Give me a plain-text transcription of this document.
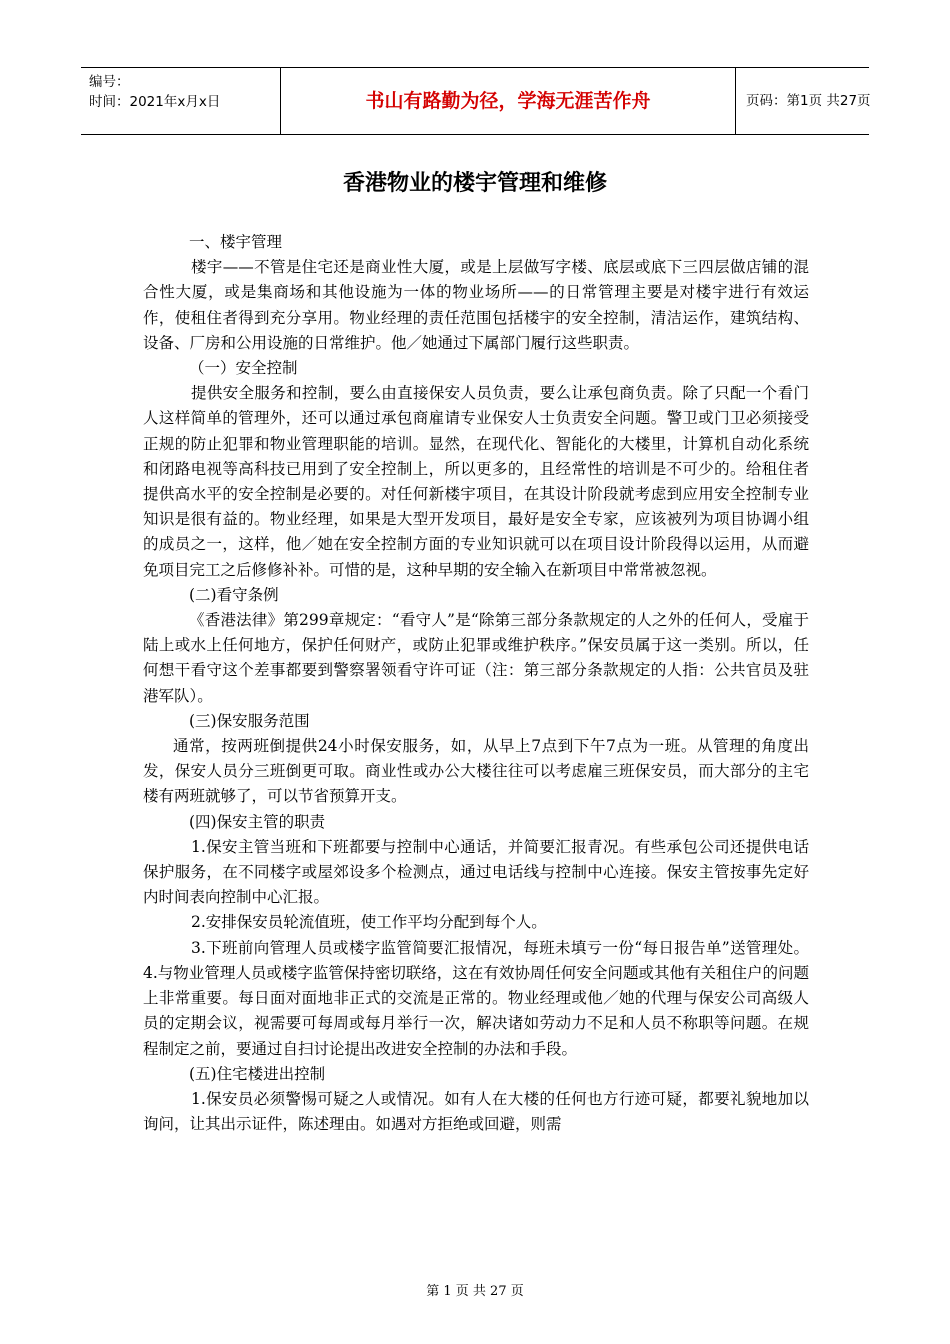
编号：
时间：2021年x月x日	书山有路勤为径，学海无涯苦作舟	页码：第1页 共27页
香港物业的楼宇管理和维修

一、楼宇管理

楼宇——不管是住宅还是商业性大厦，或是上层做写字楼、底层或底下三四层做店铺的混合性大厦，或是集商场和其他设施为一体的物业场所——的日常管理主要是对楼宇进行有效运作，使租住者得到充分享用。物业经理的责任范围包括楼宇的安全控制，清洁运作，建筑结构、设备、厂房和公用设施的日常维护。他／她通过下属部门履行这些职责。

（一）安全控制

提供安全服务和控制，要么由直接保安人员负责，要么让承包商负责。除了只配一个看门人这样简单的管理外，还可以通过承包商雇请专业保安人士负责安全问题。警卫或门卫必须接受正规的防止犯罪和物业管理职能的培训。显然，在现代化、智能化的大楼里，计算机自动化系统和闭路电视等高科技已用到了安全控制上，所以更多的，且经常性的培训是不可少的。给租住者提供高水平的安全控制是必要的。对任何新楼宇项目，在其设计阶段就考虑到应用安全控制专业知识是很有益的。物业经理，如果是大型开发项目，最好是安全专家，应该被列为项目协调小组的成员之一，这样，他／她在安全控制方面的专业知识就可以在项目设计阶段得以运用，从而避免项目完工之后修修补补。可惜的是，这种早期的安全输入在新项目中常常被忽视。

(二)看守条例

《香港法律》第299章规定：“看守人”是“除第三部分条款规定的人之外的任何人，受雇于陆上或水上任何地方，保护任何财产，或防止犯罪或维护秩序。”保安员属于这一类别。所以，任何想干看守这个差事都要到警察署领看守许可证（注：第三部分条款规定的人指：公共官员及驻港军队）。

(三)保安服务范围

通常，按两班倒提供24小时保安服务，如，从早上7点到下午7点为一班。从管理的角度出发，保安人员分三班倒更可取。商业性或办公大楼往往可以考虑雇三班保安员，而大部分的主宅楼有两班就够了，可以节省预算开支。

(四)保安主管的职责

1.保安主管当班和下班都要与控制中心通话，并简要汇报青况。有些承包公司还提供电话保护服务，在不同楼字或屋郊设多个检测点，通过电话线与控制中心连接。保安主管按事先定好内时间表向控制中心汇报。

2.安排保安员轮流值班，使工作平均分配到每个人。

3.下班前向管理人员或楼字监管简要汇报情况，每班未填亏一份“每日报告单”送管理处。 4.与物业管理人员或楼字监管保持密切联络，这在有效协周任何安全问题或其他有关租住户的问题上非常重要。每日面对面地非正式的交流是正常的。物业经理或他／她的代理与保安公司高级人员的定期会议，视需要可每周或每月举行一次，解决诸如劳动力不足和人员不称职等问题。在规程制定之前，要通过自扫讨论提出改进安全控制的办法和手段。

(五)住宅楼进出控制

1.保安员必须警惕可疑之人或情况。如有人在大楼的任何也方行迹可疑，都要礼貌地加以询问，让其出示证件，陈述理由。如遇对方拒绝或回避，则需

第 1 页 共 27 页
